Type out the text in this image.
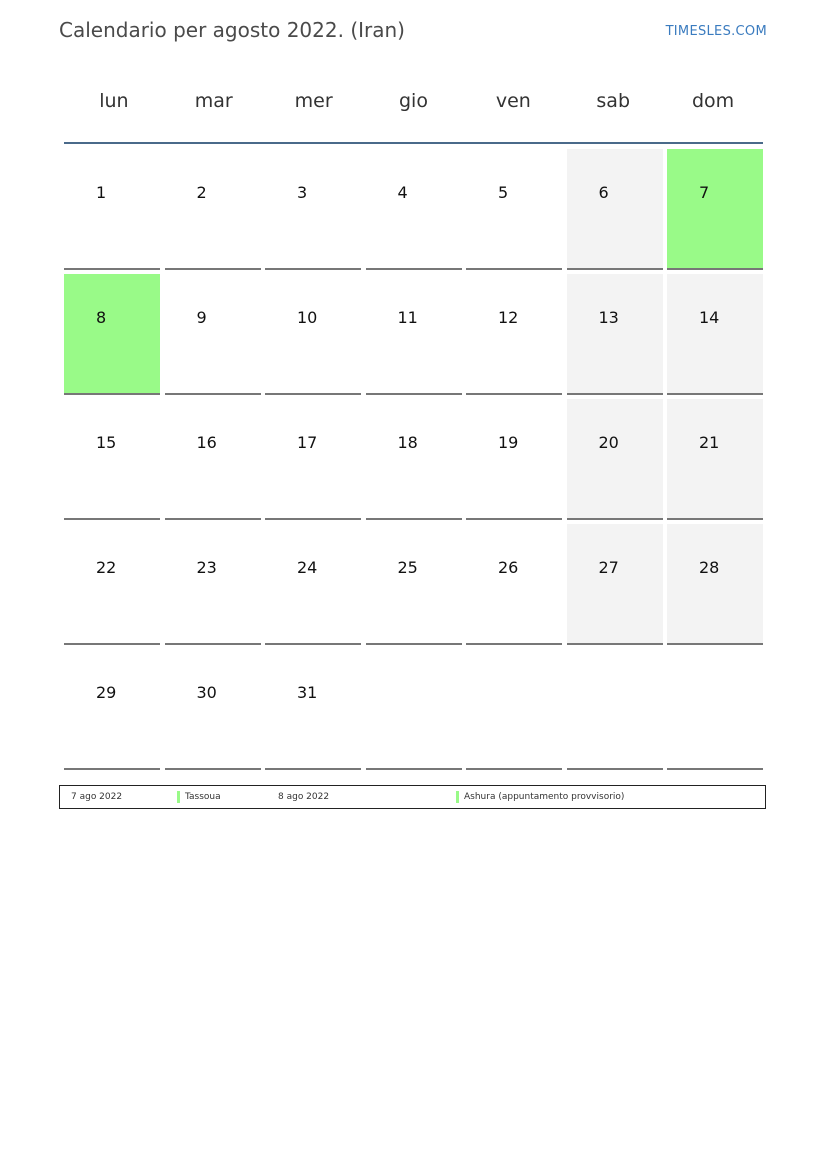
Calendario per agosto 2022. (Iran)	TIMESLES.COM
lun	mar	mer	gio	ven	sab	dom
1	2	3	4	5	6	7
8	9	10	11	12	13	14
15	16	17	18	19	20	21
22	23	24	25	26	27	28
29	30	31
7 ago 2022	Tassoua	8 ago 2022	Ashura (appuntamento provvisorio)
